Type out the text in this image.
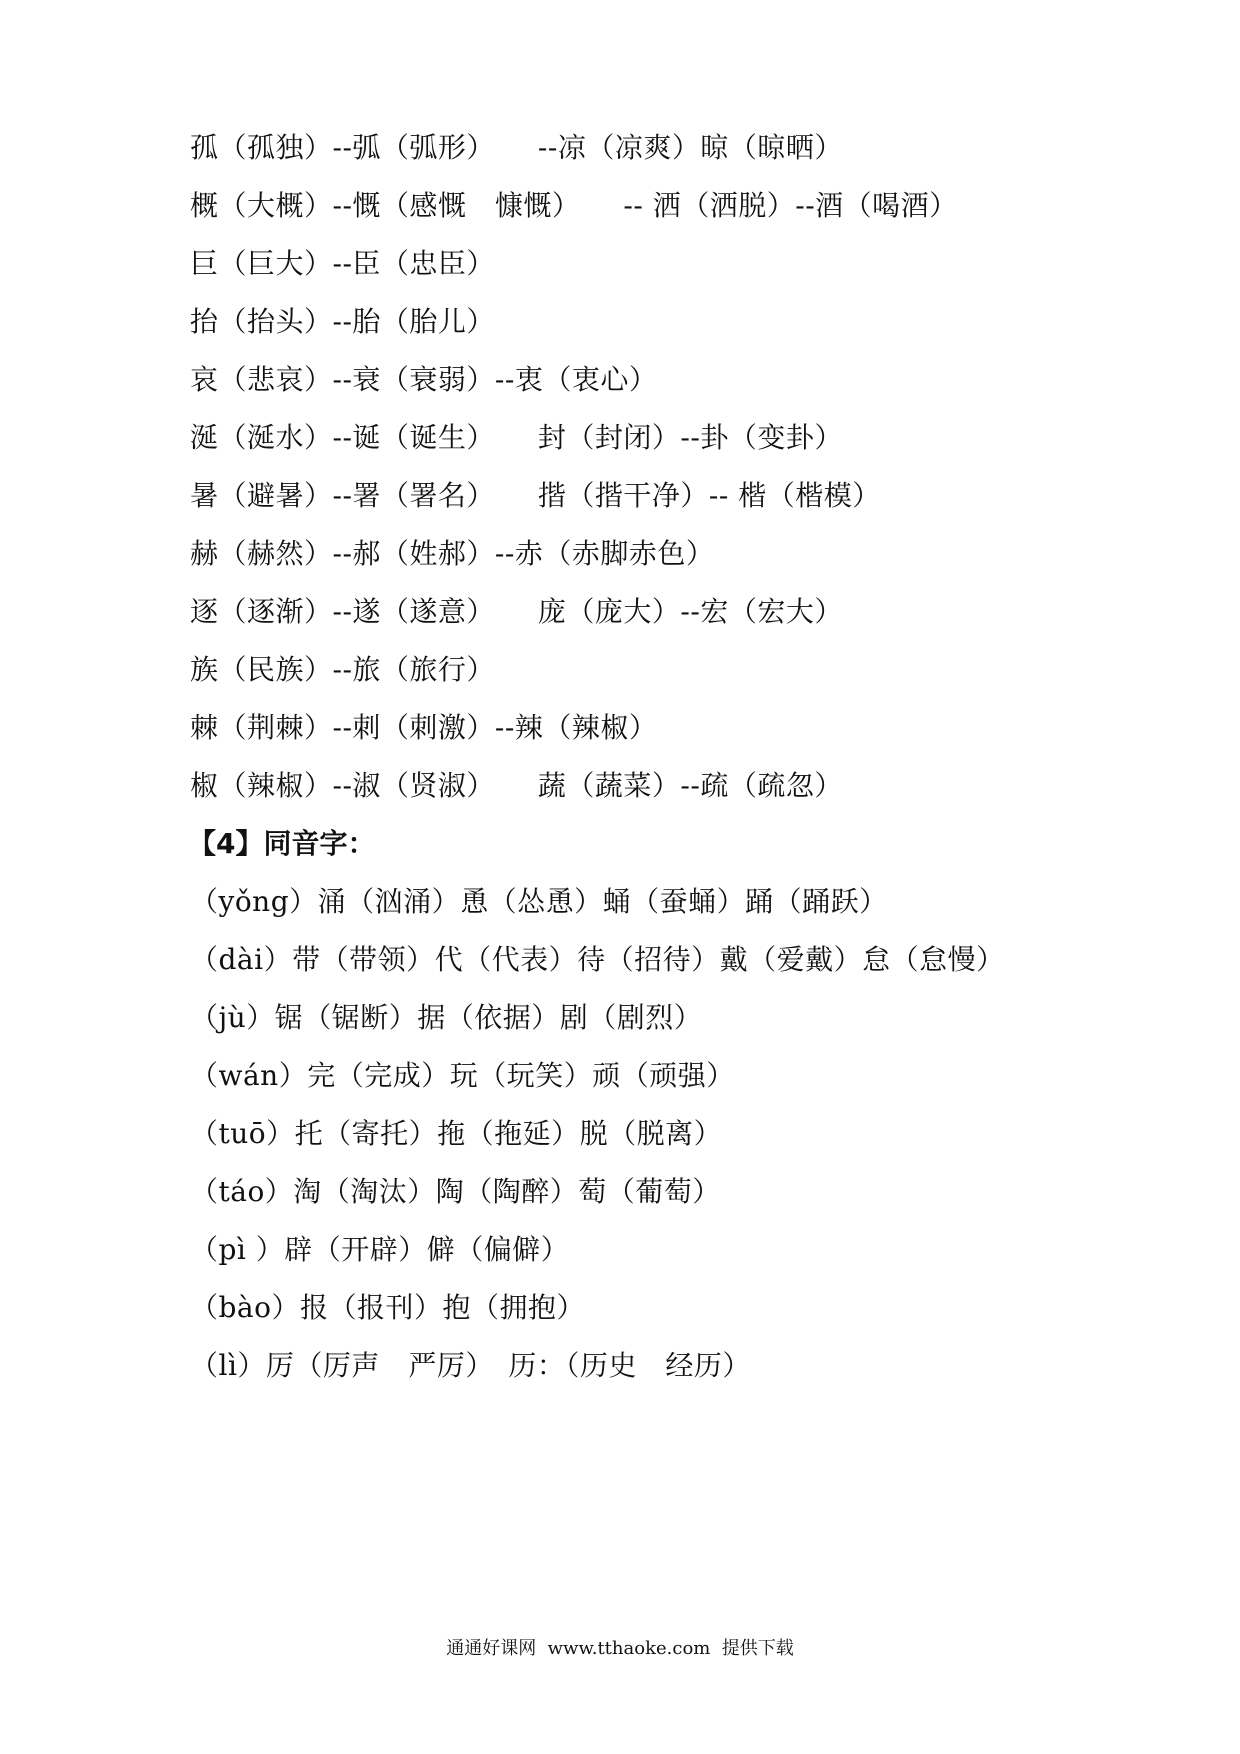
孤（孤独）--弧（弧形）　　--凉（凉爽）晾（晾晒）
概（大概）--慨（感慨　慷慨）　　-- 洒（洒脱）--酒（喝酒）
巨（巨大）--臣（忠臣）
抬（抬头）--胎（胎儿）
哀（悲哀）--衰（衰弱）--衷（衷心）
涎（涎水）--诞（诞生）　　封（封闭）--卦（变卦）
暑（避暑）--署（署名）　　揩（揩干净）-- 楷（楷模）
赫（赫然）--郝（姓郝）--赤（赤脚赤色）
逐（逐渐）--遂（遂意）　　庞（庞大）--宏（宏大）
族（民族）--旅（旅行）
棘（荆棘）--刺（刺激）--辣（辣椒）
椒（辣椒）--淑（贤淑）　　蔬（蔬菜）--疏（疏忽）
【4】同音字：
（yǒng）涌（汹涌）恿（怂恿）蛹（蚕蛹）踊（踊跃）
（dài）带（带领）代（代表）待（招待）戴（爱戴）怠（怠慢）
（jù）锯（锯断）据（依据）剧（剧烈）
（wán）完（完成）玩（玩笑）顽（顽强）
（tuō）托（寄托）拖（拖延）脱（脱离）
（táo）淘（淘汰）陶（陶醉）萄（葡萄）
（pì ）辟（开辟）僻（偏僻）
（bào）报（报刊）抱（拥抱）
（lì）厉（厉声　严厉）　历：（历史　经历）
通通好课网  www.tthaoke.com  提供下载
